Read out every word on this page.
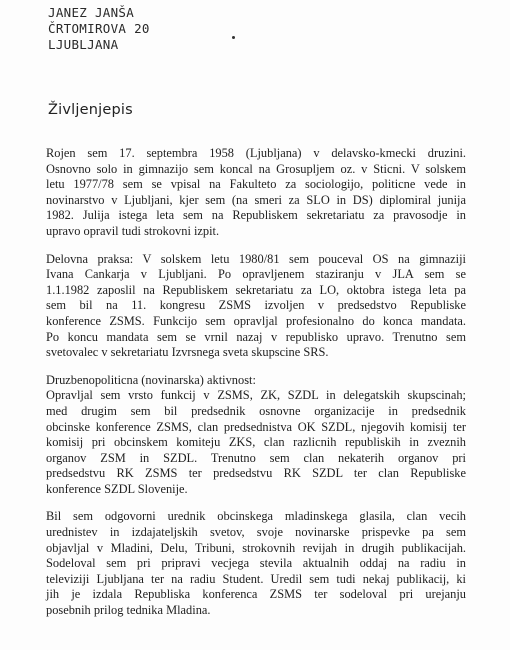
JANEZ JANŠA
ČRTOMIROVA 20
LJUBLJANA
Življenjepis
Rojen sem 17. septembra 1958 (Ljubljana) v delavsko-kmecki druzini.
Osnovno solo in gimnazijo sem koncal na Grosupljem oz. v Sticni. V solskem
letu 1977/78 sem se vpisal na Fakulteto za sociologijo, politicne vede in
novinarstvo v Ljubljani, kjer sem (na smeri za SLO in DS) diplomiral junija
1982. Julija istega leta sem na Republiskem sekretariatu za pravosodje in
upravo opravil tudi strokovni izpit.
Delovna praksa: V solskem letu 1980/81 sem pouceval OS na gimnaziji
Ivana Cankarja v Ljubljani. Po opravljenem staziranju v JLA sem se
1.1.1982 zaposlil na Republiskem sekretariatu za LO, oktobra istega leta pa
sem bil na 11. kongresu ZSMS izvoljen v predsedstvo Republiske
konference ZSMS. Funkcijo sem opravljal profesionalno do konca mandata.
Po koncu mandata sem se vrnil nazaj v republisko upravo. Trenutno sem
svetovalec v sekretariatu Izvrsnega sveta skupscine SRS.
Druzbenopoliticna (novinarska) aktivnost:
Opravljal sem vrsto funkcij v ZSMS, ZK, SZDL in delegatskih skupscinah;
med drugim sem bil predsednik osnovne organizacije in predsednik
obcinske konference ZSMS, clan predsednistva OK SZDL, njegovih komisij ter
komisij pri obcinskem komiteju ZKS, clan razlicnih republiskih in zveznih
organov ZSM in SZDL. Trenutno sem clan nekaterih organov pri
predsedstvu RK ZSMS ter predsedstvu RK SZDL ter clan Republiske
konference SZDL Slovenije.
Bil sem odgovorni urednik obcinskega mladinskega glasila, clan vecih
urednistev in izdajateljskih svetov, svoje novinarske prispevke pa sem
objavljal v Mladini, Delu, Tribuni, strokovnih revijah in drugih publikacijah.
Sodeloval sem pri pripravi vecjega stevila aktualnih oddaj na radiu in
televiziji Ljubljana ter na radiu Student. Uredil sem tudi nekaj publikacij, ki
jih je izdala Republiska konferenca ZSMS ter sodeloval pri urejanju
posebnih prilog tednika Mladina.
